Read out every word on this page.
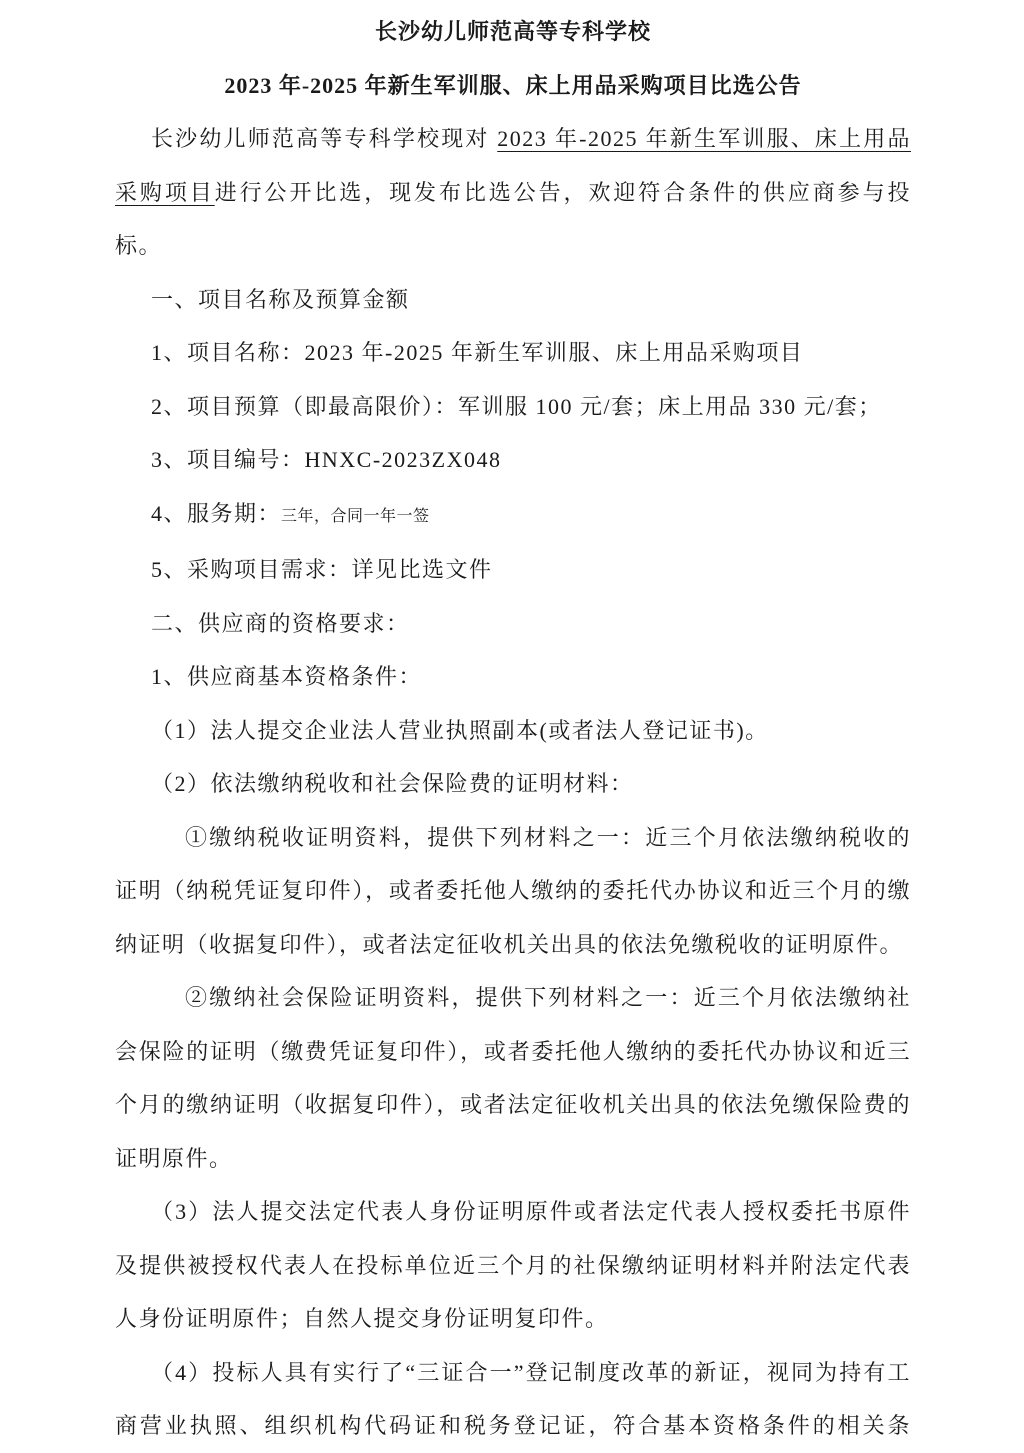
长沙幼儿师范高等专科学校

2023 年-2025 年新生军训服、床上用品采购项目比选公告

长沙幼儿师范高等专科学校现对 2023 年-2025 年新生军训服、床上用品采购项目进行公开比选，现发布比选公告，欢迎符合条件的供应商参与投标。

一、项目名称及预算金额

1、项目名称：2023 年-2025 年新生军训服、床上用品采购项目

2、项目预算（即最高限价）：军训服 100 元/套；床上用品 330 元/套；

3、项目编号：HNXC-2023ZX048

4、服务期：三年，合同一年一签

5、采购项目需求：详见比选文件

二、供应商的资格要求：

1、供应商基本资格条件：

（1）法人提交企业法人营业执照副本(或者法人登记证书)。

（2）依法缴纳税收和社会保险费的证明材料：

①缴纳税收证明资料，提供下列材料之一：近三个月依法缴纳税收的证明（纳税凭证复印件），或者委托他人缴纳的委托代办协议和近三个月的缴纳证明（收据复印件），或者法定征收机关出具的依法免缴税收的证明原件。

②缴纳社会保险证明资料，提供下列材料之一：近三个月依法缴纳社会保险的证明（缴费凭证复印件），或者委托他人缴纳的委托代办协议和近三个月的缴纳证明（收据复印件），或者法定征收机关出具的依法免缴保险费的证明原件。

（3）法人提交法定代表人身份证明原件或者法定代表人授权委托书原件及提供被授权代表人在投标单位近三个月的社保缴纳证明材料并附法定代表人身份证明原件；自然人提交身份证明复印件。

（4）投标人具有实行了“三证合一”登记制度改革的新证，视同为持有工商营业执照、组织机构代码证和税务登记证，符合基本资格条件的相关条
